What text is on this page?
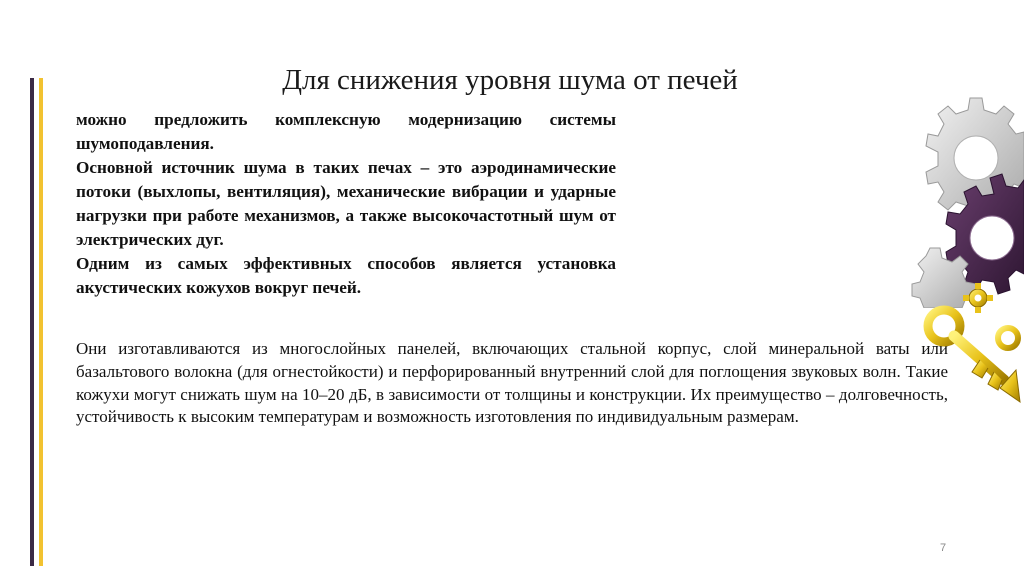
Для снижения уровня шума от печей

можно предложить комплексную модернизацию системы шумоподавления.

Основной источник шума в таких печах – это аэродинамические потоки (выхлопы, вентиляция), механические вибрации и ударные нагрузки при работе механизмов, а также высокочастотный шум от электрических дуг.

Одним из самых эффективных способов является установка акустических кожухов вокруг печей.

Они изготавливаются из многослойных панелей, включающих стальной корпус, слой минеральной ваты или базальтового волокна (для огнестойкости) и перфорированный внутренний слой для поглощения звуковых волн. Такие кожухи могут снижать шум на 10–20 дБ, в зависимости от толщины и конструкции. Их преимущество – долговечность, устойчивость к высоким температурам и возможность изготовления по индивидуальным размерам.

7
